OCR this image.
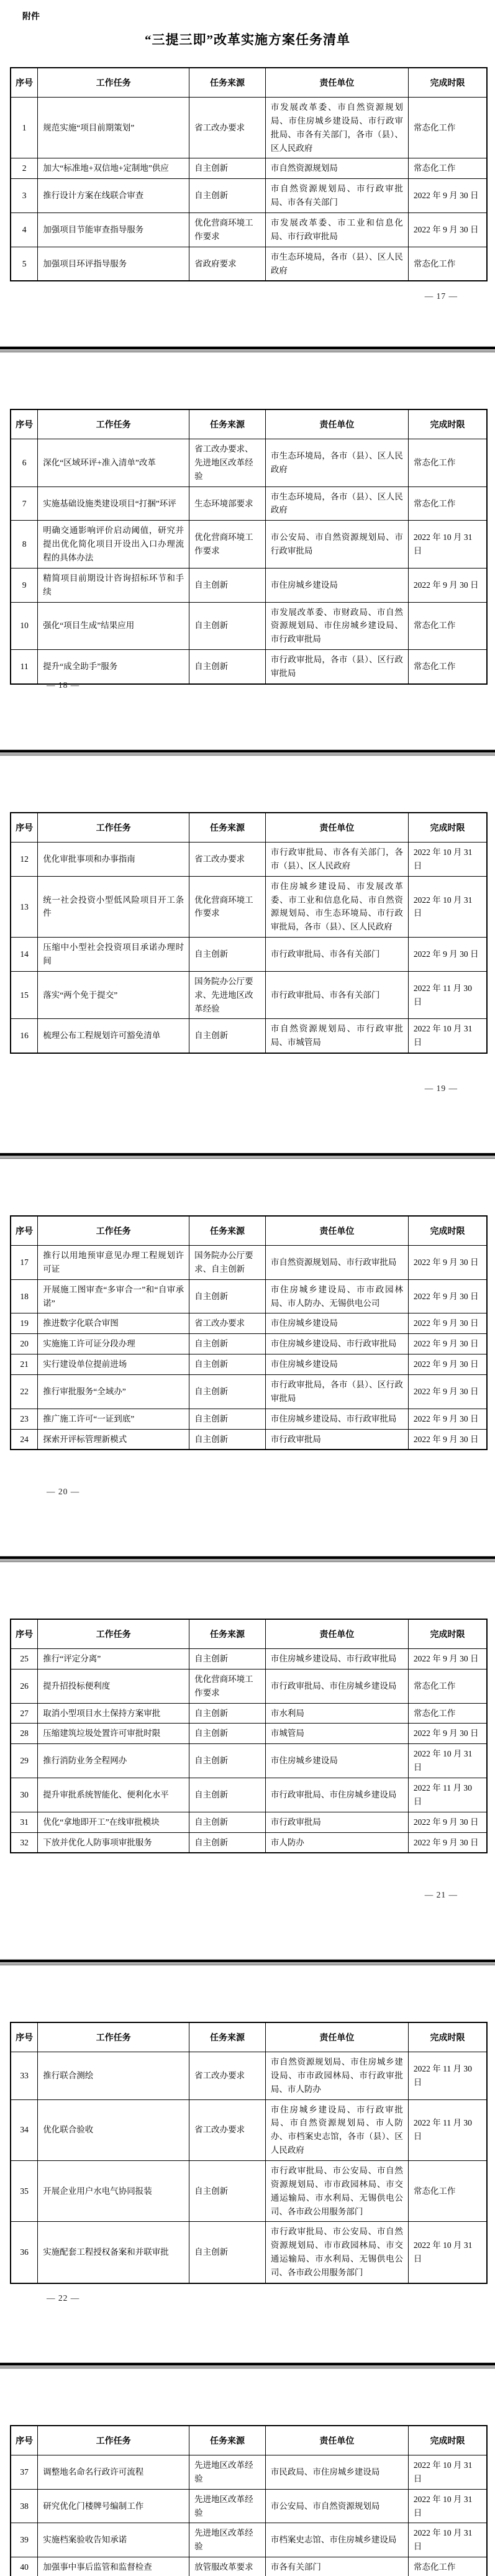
附件
“三提三即”改革实施方案任务清单
序号	工作任务	任务来源	责任单位	完成时限
1	规范实施“项目前期策划”	省工改办要求	市发展改革委、市自然资源规划局、市住房城乡建设局、市行政审批局、市各有关部门，各市（县）、区人民政府	常态化工作
2	加大“标准地+双信地+定制地”供应	自主创新	市自然资源规划局	常态化工作
3	推行设计方案在线联合审查	自主创新	市自然资源规划局、市行政审批局、市各有关部门	2022 年 9 月 30 日
4	加强项目节能审查指导服务	优化营商环境工作要求	市发展改革委、市工业和信息化局、市行政审批局	2022 年 9 月 30 日
5	加强项目环评指导服务	省政府要求	市生态环境局，各市（县）、区人民政府	常态化工作
— 17 —
序号	工作任务	任务来源	责任单位	完成时限
6	深化“区域环评+准入清单”改革	省工改办要求、先进地区改革经验	市生态环境局，各市（县）、区人民政府	常态化工作
7	实施基础设施类建设项目“打捆”环评	生态环境部要求	市生态环境局，各市（县）、区人民政府	常态化工作
8	明确交通影响评价启动阈值，研究并提出优化简化项目开设出入口办理流程的具体办法	优化营商环境工作要求	市公安局、市自然资源规划局、市行政审批局	2022 年 10 月 31 日
9	精简项目前期设计咨询招标环节和手续	自主创新	市住房城乡建设局	2022 年 9 月 30 日
10	强化“项目生成”结果应用	自主创新	市发展改革委、市财政局、市自然资源规划局、市住房城乡建设局、市行政审批局	常态化工作
11	提升“成全助手”服务	自主创新	市行政审批局，各市（县）、区行政审批局	常态化工作
— 18 —
序号	工作任务	任务来源	责任单位	完成时限
12	优化审批事项和办事指南	省工改办要求	市行政审批局、市各有关部门，各市（县）、区人民政府	2022 年 10 月 31 日
13	统一社会投资小型低风险项目开工条件	优化营商环境工作要求	市住房城乡建设局、市发展改革委、市工业和信息化局、市自然资源规划局、市生态环境局、市行政审批局，各市（县）、区人民政府	2022 年 10 月 31 日
14	压缩中小型社会投资项目承诺办理时间	自主创新	市行政审批局、市各有关部门	2022 年 9 月 30 日
15	落实“两个免于提交”	国务院办公厅要求、先进地区改革经验	市行政审批局、市各有关部门	2022 年 11 月 30 日
16	梳理公布工程规划许可豁免清单	自主创新	市自然资源规划局、市行政审批局、市城管局	2022 年 10 月 31 日
— 19 —
序号	工作任务	任务来源	责任单位	完成时限
17	推行以用地预审意见办理工程规划许可证	国务院办公厅要求、自主创新	市自然资源规划局、市行政审批局	2022 年 9 月 30 日
18	开展施工图审查“多审合一”和“自审承诺”	自主创新	市住房城乡建设局、市市政园林局、市人防办、无锡供电公司	2022 年 9 月 30 日
19	推进数字化联合审图	省工改办要求	市住房城乡建设局	2022 年 9 月 30 日
20	实施施工许可证分段办理	自主创新	市住房城乡建设局、市行政审批局	2022 年 9 月 30 日
21	实行建设单位提前进场	自主创新	市住房城乡建设局	2022 年 9 月 30 日
22	推行审批服务“全域办”	自主创新	市行政审批局，各市（县）、区行政审批局	2022 年 9 月 30 日
23	推广施工许可“一证到底”	自主创新	市住房城乡建设局、市行政审批局	2022 年 9 月 30 日
24	探索开评标管理新模式	自主创新	市行政审批局	2022 年 9 月 30 日
— 20 —
序号	工作任务	任务来源	责任单位	完成时限
25	推行“评定分离”	自主创新	市住房城乡建设局、市行政审批局	2022 年 9 月 30 日
26	提升招投标便利度	优化营商环境工作要求	市行政审批局、市住房城乡建设局	常态化工作
27	取消小型项目水土保持方案审批	自主创新	市水利局	常态化工作
28	压缩建筑垃圾处置许可审批时限	自主创新	市城管局	2022 年 9 月 30 日
29	推行消防业务全程网办	自主创新	市住房城乡建设局	2022 年 10 月 31 日
30	提升审批系统智能化、便利化水平	自主创新	市行政审批局、市住房城乡建设局	2022 年 11 月 30 日
31	优化“拿地即开工”在线审批模块	自主创新	市行政审批局	2022 年 9 月 30 日
32	下放并优化人防事项审批服务	自主创新	市人防办	2022 年 9 月 30 日
— 21 —
序号	工作任务	任务来源	责任单位	完成时限
33	推行联合测绘	省工改办要求	市自然资源规划局、市住房城乡建设局、市市政园林局、市行政审批局、市人防办	2022 年 11 月 30 日
34	优化联合验收	省工改办要求	市住房城乡建设局、市行政审批局、市自然资源规划局、市人防办、市档案史志馆，各市（县）、区人民政府	2022 年 11 月 30 日
35	开展企业用户水电气协同报装	自主创新	市行政审批局、市公安局、市自然资源规划局、市市政园林局、市交通运输局、市水利局、无锡供电公司、各市政公用服务部门	常态化工作
36	实施配套工程授权备案和并联审批	自主创新	市行政审批局、市公安局、市自然资源规划局、市市政园林局、市交通运输局、市水利局、无锡供电公司、各市政公用服务部门	2022 年 10 月 31 日
— 22 —
序号	工作任务	任务来源	责任单位	完成时限
37	调整地名命名行政许可流程	先进地区改革经验	市民政局、市住房城乡建设局	2022 年 10 月 31 日
38	研究优化门楼牌号编制工作	先进地区改革经验	市公安局、市自然资源规划局	2022 年 10 月 31 日
39	实施档案验收告知承诺	先进地区改革经验	市档案史志馆、市住房城乡建设局	2022 年 10 月 31 日
40	加强事中事后监管和监督检查	放管服改革要求	市各有关部门	常态化工作
